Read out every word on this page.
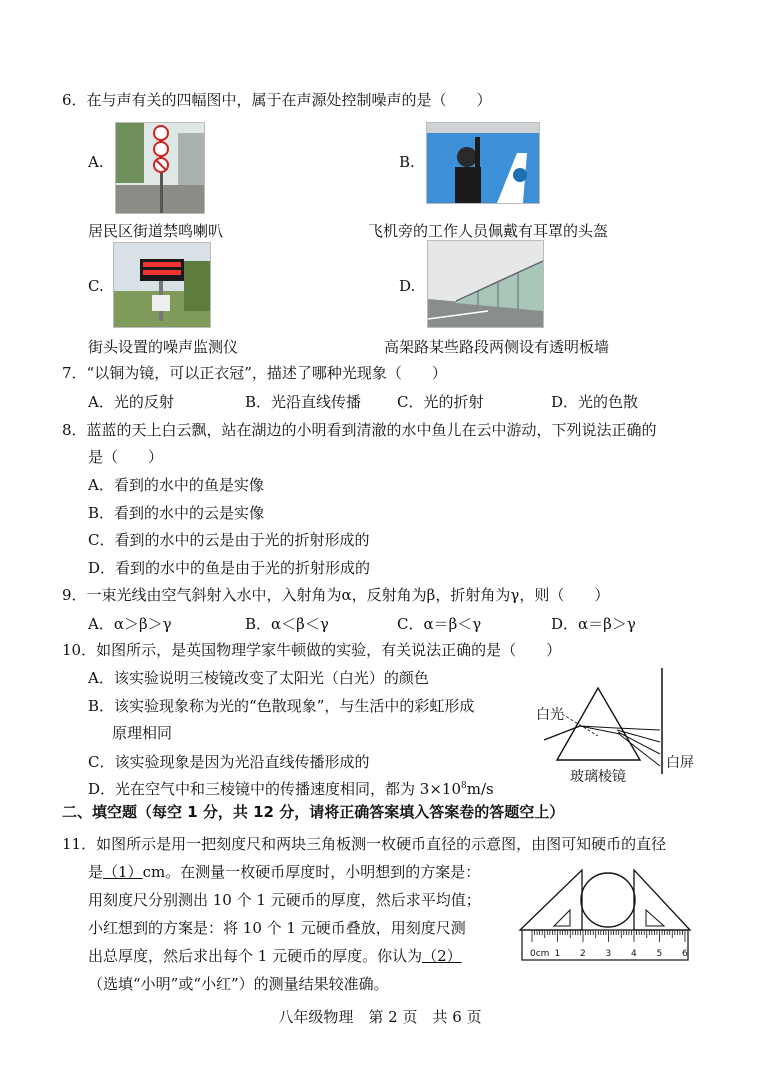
6．在与声有关的四幅图中，属于在声源处控制噪声的是（　　）
A.
居民区街道禁鸣喇叭
B.
飞机旁的工作人员佩戴有耳罩的头盔
C.
街头设置的噪声监测仪
D.
高架路某些路段两侧设有透明板墙
7．“以铜为镜，可以正衣冠”，描述了哪种光现象（　　）
A．光的反射	B．光沿直线传播 C．光的折射	D．光的色散
8．蓝蓝的天上白云飘，站在湖边的小明看到清澈的水中鱼儿在云中游动，下列说法正确的
是（　　）
A．看到的水中的鱼是实像
B．看到的水中的云是实像
C．看到的水中的云是由于光的折射形成的
D．看到的水中的鱼是由于光的折射形成的
9．一束光线由空气斜射入水中，入射角为α，反射角为β，折射角为γ，则（　　）
A．α＞β＞γ	B．α＜β＜γ	C．α＝β＜γ	D．α＝β＞γ
10．如图所示，是英国物理学家牛顿做的实验，有关说法正确的是（　　）
A．该实验说明三棱镜改变了太阳光（白光）的颜色
B．该实验现象称为光的“色散现象”，与生活中的彩虹形成
原理相同
C．该实验现象是因为光沿直线传播形成的
D．光在空气中和三棱镜中的传播速度相同，都为 $3\times 10^8m/s$
白光
玻璃棱镜
白屏
二、填空题（每空 1 分，共 12 分，请将正确答案填入答案卷的答题空上）
11．如图所示是用一把刻度尺和两块三角板测一枚硬币直径的示意图，由图可知硬币的直径
是（1）cm。在测量一枚硬币厚度时，小明想到的方案是：
用刻度尺分别测出 10 个 1 元硬币的厚度，然后求平均值；
小红想到的方案是：将 10 个 1 元硬币叠放，用刻度尺测
出总厚度，然后求出每个 1 元硬币的厚度。你认为（2）
（选填“小明”或“小红”）的测量结果较准确。
0cm 1 2 3 4 5 6
八年级物理　第 2 页　共 6 页
